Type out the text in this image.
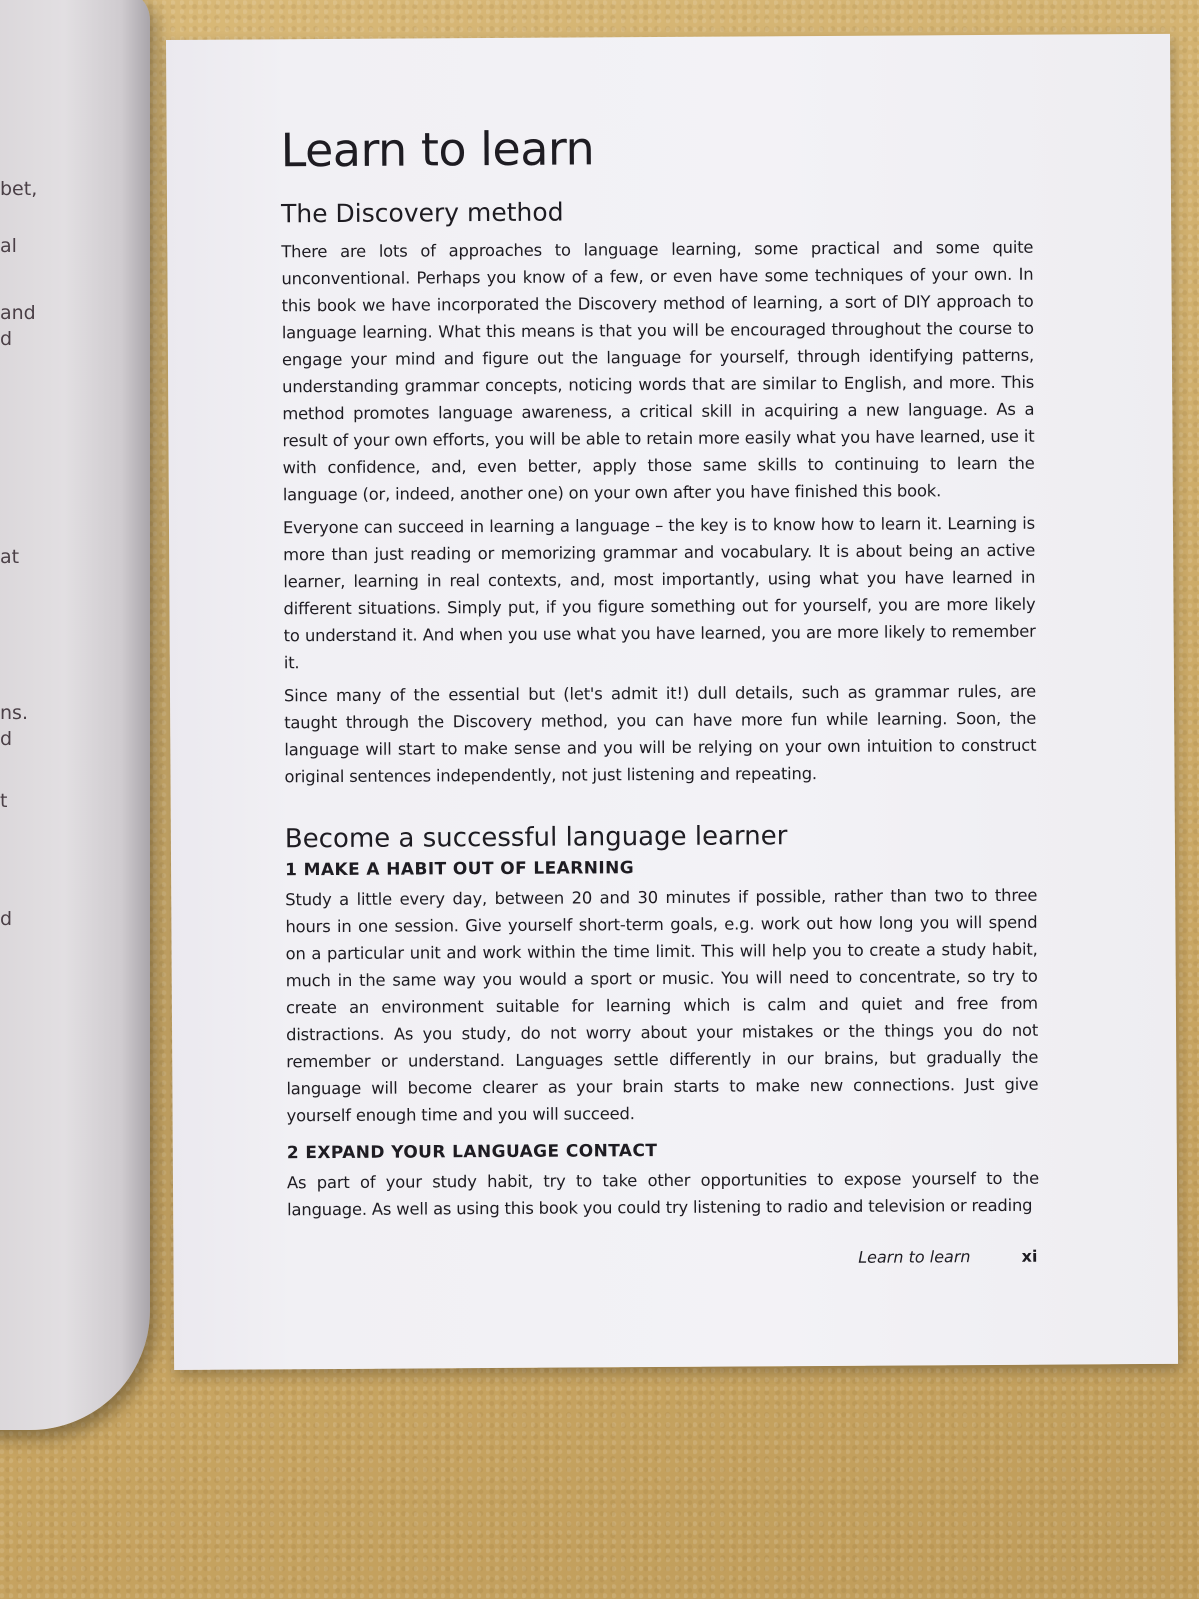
bet,
al
and
d
at
ns.
d
t
d
Learn to learn
The Discovery method

There are lots of approaches to language learning, some practical and some quite unconventional. Perhaps you know of a few, or even have some techniques of your own. In this book we have incorporated the Discovery method of learning, a sort of DIY approach to language learning. What this means is that you will be encouraged throughout the course to engage your mind and figure out the language for yourself, through identifying patterns, understanding grammar concepts, noticing words that are similar to English, and more. This method promotes language awareness, a critical skill in acquiring a new language. As a result of your own efforts, you will be able to retain more easily what you have learned, use it with confidence, and, even better, apply those same skills to continuing to learn the language (or, indeed, another one) on your own after you have finished this book.

Everyone can succeed in learning a language – the key is to know how to learn it. Learning is more than just reading or memorizing grammar and vocabulary. It is about being an active learner, learning in real contexts, and, most importantly, using what you have learned in different situations. Simply put, if you figure something out for yourself, you are more likely to understand it. And when you use what you have learned, you are more likely to remember it.

Since many of the essential but (let's admit it!) dull details, such as grammar rules, are taught through the Discovery method, you can have more fun while learning. Soon, the language will start to make sense and you will be relying on your own intuition to construct original sentences independently, not just listening and repeating.

Become a successful language learner
1 MAKE A HABIT OUT OF LEARNING

Study a little every day, between 20 and 30 minutes if possible, rather than two to three hours in one session. Give yourself short-term goals, e.g. work out how long you will spend on a particular unit and work within the time limit. This will help you to create a study habit, much in the same way you would a sport or music. You will need to concentrate, so try to create an environment suitable for learning which is calm and quiet and free from distractions. As you study, do not worry about your mistakes or the things you do not remember or understand. Languages settle differently in our brains, but gradually the language will become clearer as your brain starts to make new connections. Just give yourself enough time and you will succeed.

2 EXPAND YOUR LANGUAGE CONTACT

As part of your study habit, try to take other opportunities to expose yourself to the language. As well as using this book you could try listening to radio and television or reading

Learn to learn	xi
